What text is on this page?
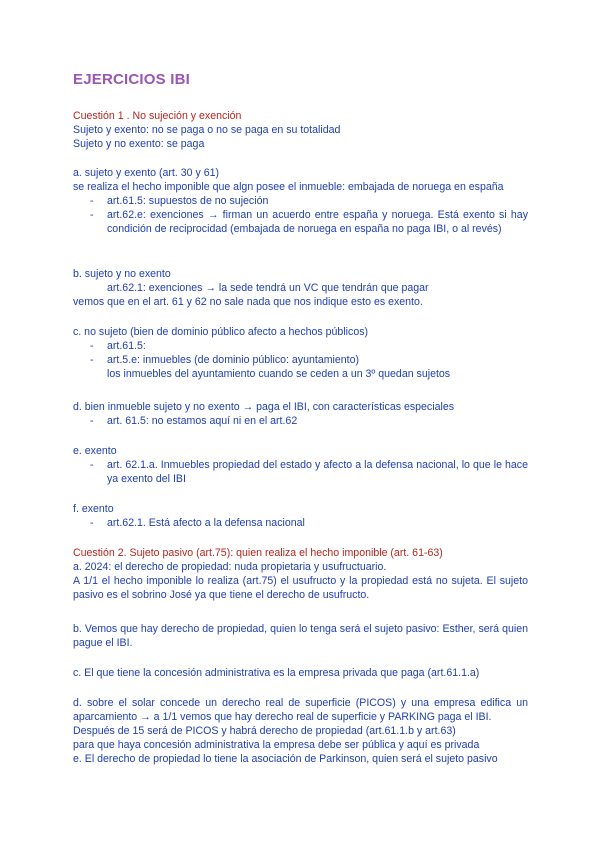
EJERCICIOS IBI
Cuestión 1 . No sujeción y exención
Sujeto y exento: no se paga o no se paga en su totalidad
Sujeto y no exento: se paga
a. sujeto y exento (art. 30 y 61)
se realiza el hecho imponible que algn posee el inmueble: embajada de noruega en españa
- art.61.5: supuestos de no sujeción
- art.62.e: exenciones → firman un acuerdo entre españa y noruega. Está exento si hay condición de reciprocidad (embajada de noruega en españa no paga IBI, o al revés)
b. sujeto y no exento
art.62.1: exenciones → la sede tendrá un VC que tendrán que pagar
vemos que en el art. 61 y 62 no sale nada que nos indique esto es exento.
c. no sujeto (bien de dominio público afecto a hechos públicos)
- art.61.5:
- art.5.e: inmuebles (de dominio público: ayuntamiento)
los inmuebles del ayuntamiento cuando se ceden a un 3º quedan sujetos
d. bien inmueble sujeto y no exento → paga el IBI, con características especiales
- art. 61.5: no estamos aquí ni en el art.62
e. exento
- art. 62.1.a. Inmuebles propiedad del estado y afecto a la defensa nacional, lo que le hace ya exento del IBI
f. exento
- art.62.1. Está afecto a la defensa nacional
Cuestión 2. Sujeto pasivo (art.75): quien realiza el hecho imponible (art. 61-63)
a. 2024: el derecho de propiedad: nuda propietaria y usufructuario.
A 1/1 el hecho imponible lo realiza (art.75) el usufructo y la propiedad está no sujeta. El sujeto pasivo es el sobrino José ya que tiene el derecho de usufructo.
b. Vemos que hay derecho de propiedad, quien lo tenga será el sujeto pasivo: Esther, será quien pague el IBI.
c. El que tiene la concesión administrativa es la empresa privada que paga (art.61.1.a)
d. sobre el solar concede un derecho real de superficie (PICOS) y una empresa edifica un aparcamiento → a 1/1 vemos que hay derecho real de superficie y PARKING paga el IBI.
Después de 15 será de PICOS y habrá derecho de propiedad (art.61.1.b y art.63)
para que haya concesión administrativa la empresa debe ser pública y aquí es privada
e. El derecho de propiedad lo tiene la asociación de Parkinson, quien será el sujeto pasivo
